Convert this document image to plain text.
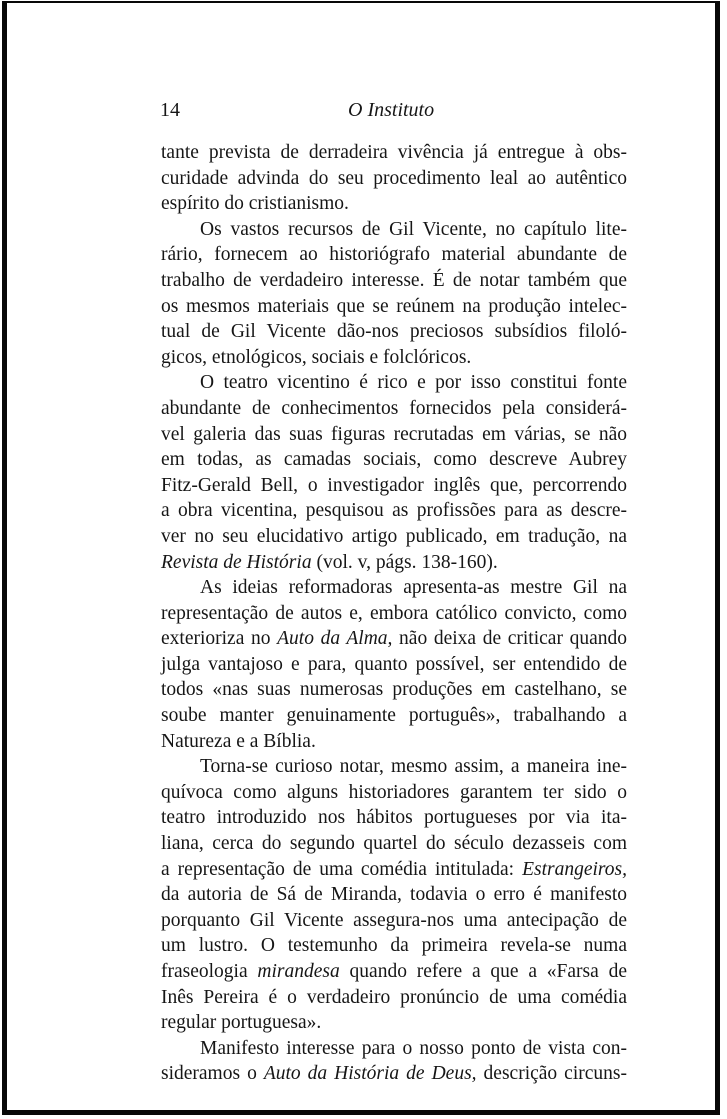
14	O Instituto
tante prevista de derradeira vivência já entregue à obs-
curidade advinda do seu procedimento leal ao autêntico
espírito do cristianismo.
Os vastos recursos de Gil Vicente, no capítulo lite-
rário, fornecem ao historiógrafo material abundante de
trabalho de verdadeiro interesse. É de notar também que
os mesmos materiais que se reúnem na produção intelec-
tual de Gil Vicente dão-nos preciosos subsídios filoló-
gicos, etnológicos, sociais e folclóricos.
O teatro vicentino é rico e por isso constitui fonte
abundante de conhecimentos fornecidos pela considerá-
vel galeria das suas figuras recrutadas em várias, se não
em todas, as camadas sociais, como descreve Aubrey
Fitz-Gerald Bell, o investigador inglês que, percorrendo
a obra vicentina, pesquisou as profissões para as descre-
ver no seu elucidativo artigo publicado, em tradução, na
Revista de História (vol. v, págs. 138-160).
As ideias reformadoras apresenta-as mestre Gil na
representação de autos e, embora católico convicto, como
exterioriza no Auto da Alma, não deixa de criticar quando
julga vantajoso e para, quanto possível, ser entendido de
todos «nas suas numerosas produções em castelhano, se
soube manter genuinamente português», trabalhando a
Natureza e a Bíblia.
Torna-se curioso notar, mesmo assim, a maneira ine-
quívoca como alguns historiadores garantem ter sido o
teatro introduzido nos hábitos portugueses por via ita-
liana, cerca do segundo quartel do século dezasseis com
a representação de uma comédia intitulada: Estrangeiros,
da autoria de Sá de Miranda, todavia o erro é manifesto
porquanto Gil Vicente assegura-nos uma antecipação de
um lustro. O testemunho da primeira revela-se numa
fraseologia mirandesa quando refere a que a «Farsa de
Inês Pereira é o verdadeiro pronúncio de uma comédia
regular portuguesa».
Manifesto interesse para o nosso ponto de vista con-
sideramos o Auto da História de Deus, descrição circuns-
